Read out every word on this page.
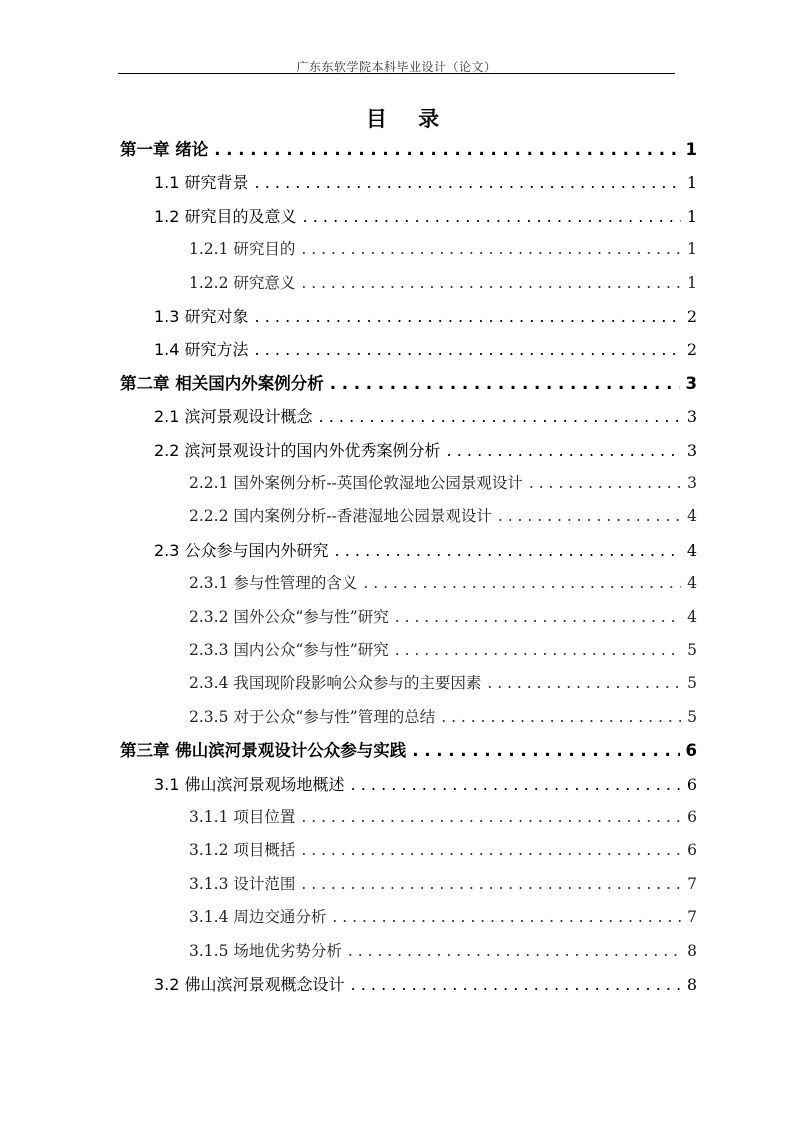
广东东软学院本科毕业设计（论文）
目 录
第一章 绪论 . . .	1
1.1 研究背景 . . .	1
1.2 研究目的及意义 . . .	1
1.2.1 研究目的 . . .	1
1.2.2 研究意义 . . .	1
1.3 研究对象 . . .	2
1.4 研究方法 . . .	2
第二章 相关国内外案例分析 . . .	3
2.1 滨河景观设计概念 . . .	3
2.2 滨河景观设计的国内外优秀案例分析 . . .	3
2.2.1 国外案例分析--英国伦敦湿地公园景观设计 . . .	3
2.2.2 国内案例分析--香港湿地公园景观设计 . . .	4
2.3 公众参与国内外研究 . . .	4
2.3.1 参与性管理的含义 . . .	4
2.3.2 国外公众“参与性”研究 . . .	4
2.3.3 国内公众“参与性”研究 . . .	5
2.3.4 我国现阶段影响公众参与的主要因素 . . .	5
2.3.5 对于公众“参与性”管理的总结 . . .	5
第三章 佛山滨河景观设计公众参与实践 . . .	6
3.1 佛山滨河景观场地概述 . . .	6
3.1.1 项目位置 . . .	6
3.1.2 项目概括 . . .	6
3.1.3 设计范围 . . .	7
3.1.4 周边交通分析 . . .	7
3.1.5 场地优劣势分析 . . .	8
3.2 佛山滨河景观概念设计 . . .	8
